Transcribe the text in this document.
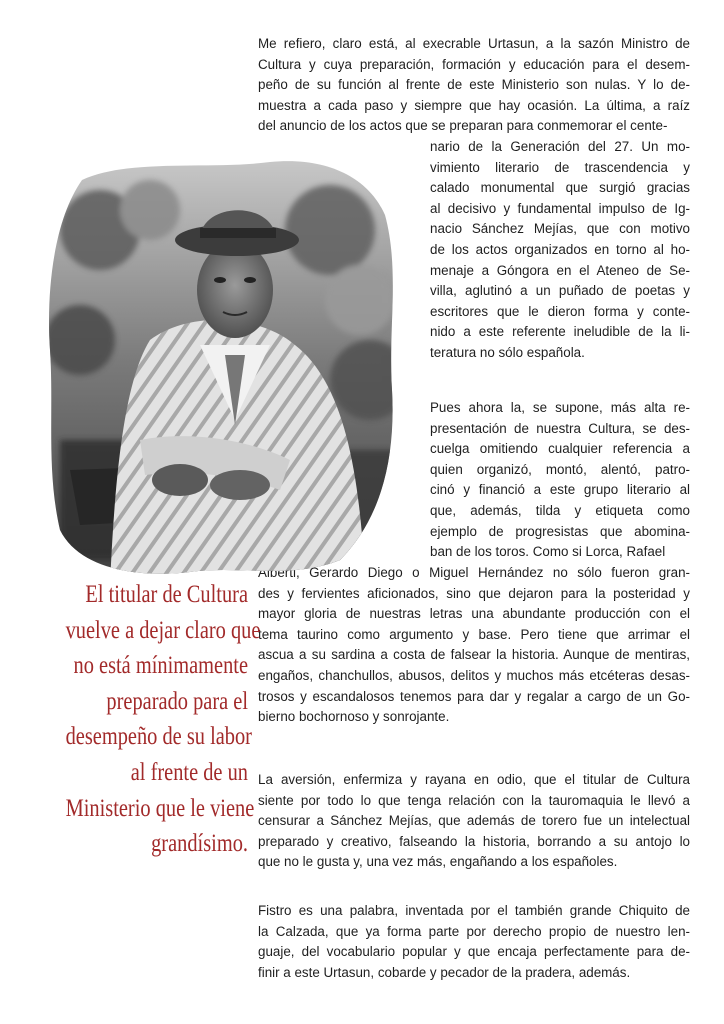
Me refiero, claro está, al execrable Urtasun, a la sazón Ministro de
Cultura y cuya preparación, formación y educación para el desem-
peño de su función al frente de este Ministerio son nulas. Y lo de-
muestra a cada paso y siempre que hay ocasión. La última, a raíz
del anuncio de los actos que se preparan para conmemorar el cente-
nario de la Generación del 27. Un mo-
vimiento literario de trascendencia y
calado monumental que surgió gracias
al decisivo y fundamental impulso de Ig-
nacio Sánchez Mejías, que con motivo
de los actos organizados en torno al ho-
menaje a Góngora en el Ateneo de Se-
villa, aglutinó a un puñado de poetas y
escritores que le dieron forma y conte-
nido a este referente ineludible de la li-
teratura no sólo española.
Pues ahora la, se supone, más alta re-
presentación de nuestra Cultura, se des-
cuelga omitiendo cualquier referencia a
quien organizó, montó, alentó, patro-
cinó y financió a este grupo literario al
que, además, tilda y etiqueta como
ejemplo de progresistas que abomina-
ban de los toros. Como si Lorca, Rafael
Alberti, Gerardo Diego o Miguel Hernández no sólo fueron gran-
des y fervientes aficionados, sino que dejaron para la posteridad y
mayor gloria de nuestras letras una abundante producción con el
tema taurino como argumento y base. Pero tiene que arrimar el
ascua a su sardina a costa de falsear la historia. Aunque de mentiras,
engaños, chanchullos, abusos, delitos y muchos más etcéteras desas-
trosos y escandalosos tenemos para dar y regalar a cargo de un Go-
bierno bochornoso y sonrojante.
La aversión, enfermiza y rayana en odio, que el titular de Cultura
siente por todo lo que tenga relación con la tauromaquia le llevó a
censurar a Sánchez Mejías, que además de torero fue un intelectual
preparado y creativo, falseando la historia, borrando a su antojo lo
que no le gusta y, una vez más, engañando a los españoles.
Fistro es una palabra, inventada por el también grande Chiquito de
la Calzada, que ya forma parte por derecho propio de nuestro len-
guaje, del vocabulario popular y que encaja perfectamente para de-
finir a este Urtasun, cobarde y pecador de la pradera, además.
El titular de Cultura
vuelve a dejar claro que
no está mínimamente
preparado para el
desempeño de su labor
al frente de un
Ministerio que le viene
grandísimo.
